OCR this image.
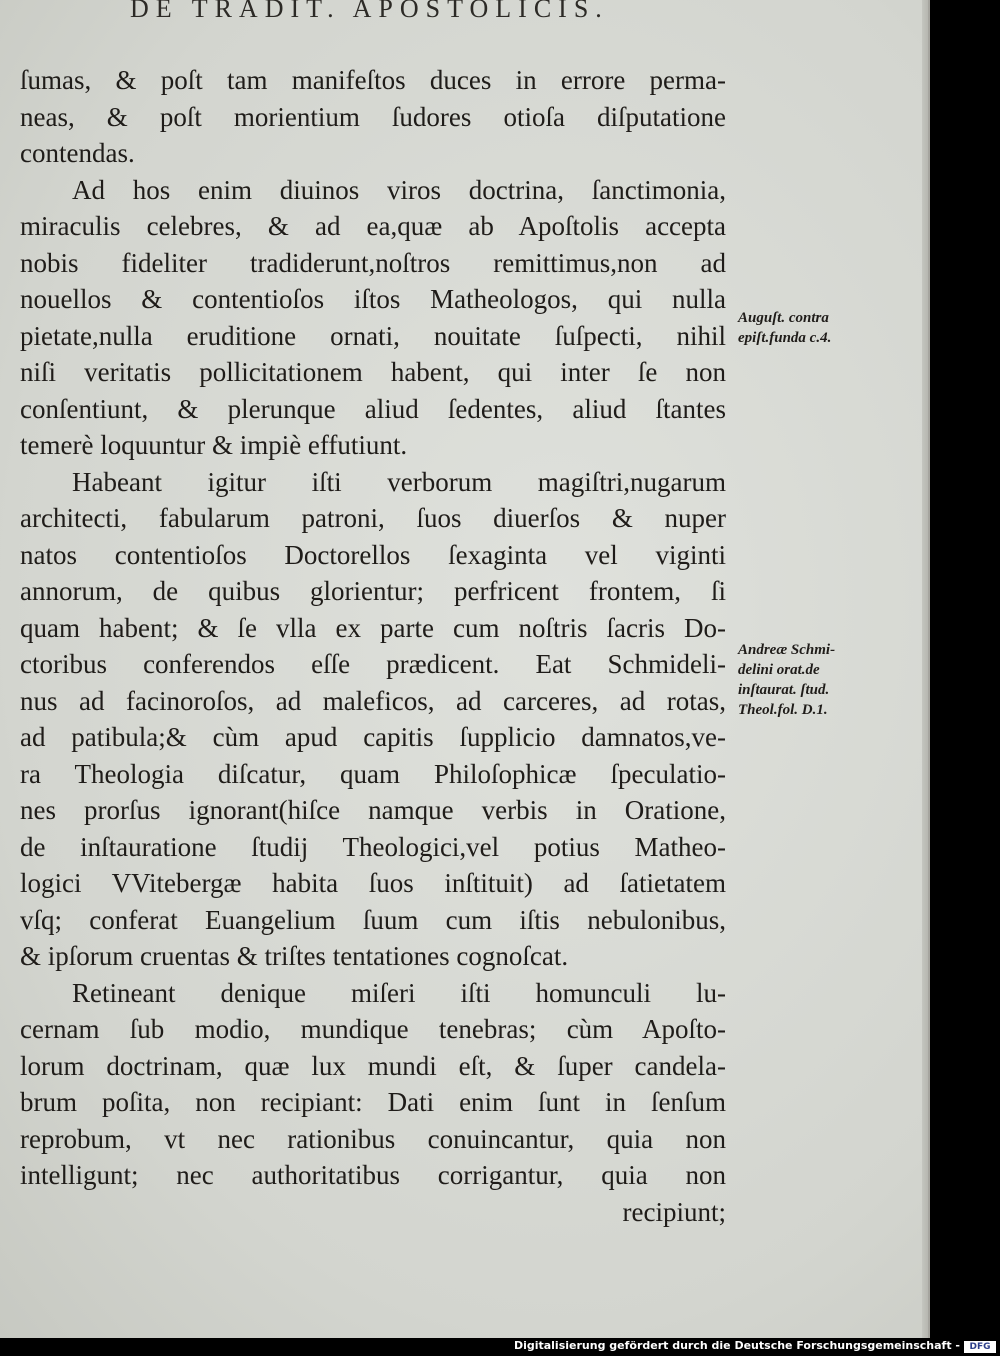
DE TRADIT. APOSTOLICIS.
ſumas, & poſt tam manifeſtos duces in errore perma-
neas, & poſt morientium ſudores otioſa diſputatione
contendas.
Ad hos enim diuinos viros doctrina, ſanctimonia,
miraculis celebres, & ad ea,quæ ab Apoſtolis accepta
nobis fideliter tradiderunt,noſtros remittimus,non ad
nouellos & contentioſos iſtos Matheologos, qui nulla
pietate,nulla eruditione ornati, nouitate ſuſpecti, nihil
niſi veritatis pollicitationem habent, qui inter ſe non
conſentiunt, & plerunque aliud ſedentes, aliud ſtantes
temerè loquuntur & impiè effutiunt.
Habeant igitur iſti verborum magiſtri,nugarum
architecti, fabularum patroni, ſuos diuerſos & nuper
natos contentioſos Doctorellos ſexaginta vel viginti
annorum, de quibus glorientur; perfricent frontem, ſi
quam habent; & ſe vlla ex parte cum noſtris ſacris Do-
ctoribus conferendos eſſe prædicent. Eat Schmideli-
nus ad facinoroſos, ad maleficos, ad carceres, ad rotas,
ad patibula;& cùm apud capitis ſupplicio damnatos,ve-
ra Theologia diſcatur, quam Philoſophicæ ſpeculatio-
nes prorſus ignorant(hiſce namque verbis in Oratione,
de inſtauratione ſtudij Theologici,vel potius Matheo-
logici VVitebergæ habita ſuos inſtituit) ad ſatietatem
vſq; conferat Euangelium ſuum cum iſtis nebulonibus,
& ipſorum cruentas & triſtes tentationes cognoſcat.
Retineant denique miſeri iſti homunculi lu-
cernam ſub modio, mundique tenebras; cùm Apoſto-
lorum doctrinam, quæ lux mundi eſt, & ſuper candela-
brum poſita, non recipiant: Dati enim ſunt in ſenſum
reprobum, vt nec rationibus conuincantur, quia non
intelligunt; nec authoritatibus corrigantur, quia non
recipiunt;
Auguſt. contra
epiſt.funda c.4.
Andreæ Schmi-
delini orat.de
inſtaurat. ſtud.
Theol.fol. D.1.
Digitalisierung gefördert durch die Deutsche Forschungsgemeinschaft -	DFG
